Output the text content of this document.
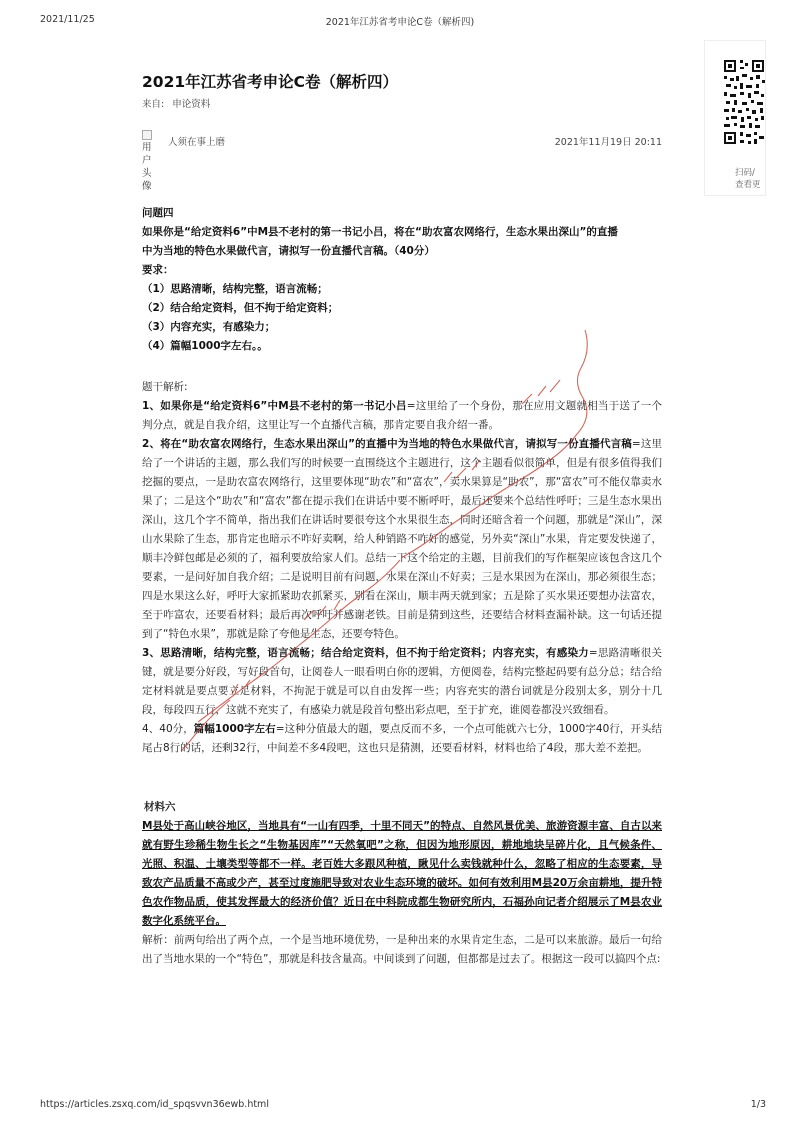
2021/11/25	2021年江苏省考申论C卷（解析四)
扫码/
查看更
2021年江苏省考申论C卷（解析四）
来自: 申论资料
用
户
头
像
人须在事上磨	2021年11月19日 20:11

问题四

如果你是“给定资料6”中M县不老村的第一书记小吕，将在“助农富农网络行，生态水果出深山”的直播

中为当地的特色水果做代言，请拟写一份直播代言稿。（40分）

要求：

（1）思路清晰，结构完整，语言流畅；

（2）结合给定资料，但不拘于给定资料；

（3）内容充实，有感染力；

（4）篇幅1000字左右。。

题干解析:

1、如果你是“给定资料6”中M县不老村的第一书记小吕=这里给了一个身份，那在应用文题就相当于送了一个判分点，就是自我介绍，这里让写一个直播代言稿，那肯定要自我介绍一番。

2、将在“助农富农网络行，生态水果出深山”的直播中为当地的特色水果做代言，请拟写一份直播代言稿=这里给了一个讲话的主题，那么我们写的时候要一直围绕这个主题进行，这个主题看似很简单，但是有很多值得我们挖掘的要点，一是助农富农网络行，这里要体现“助农”和“富农”，卖水果算是“助农”，那“富农”可不能仅靠卖水果了；二是这个“助农”和“富农”都在提示我们在讲话中要不断呼吁，最后还要来个总结性呼吁；三是生态水果出深山，这几个字不简单，指出我们在讲话时要很夸这个水果很生态，同时还暗含着一个问题，那就是“深山”，深山水果除了生态，那肯定也暗示不咋好卖啊，给人种销路不咋好的感觉，另外卖“深山”水果，肯定要发快递了，顺丰冷鲜包邮是必须的了，福利要放给家人们。总结一下这个给定的主题，目前我们的写作框架应该包含这几个要素，一是问好加自我介绍；二是说明目前有问题，水果在深山不好卖；三是水果因为在深山，那必须很生态；四是水果这么好，呼吁大家抓紧助农抓紧买，别看在深山，顺丰两天就到家；五是除了买水果还要想办法富农，至于咋富农，还要看材料；最后再次呼吁并感谢老铁。目前是猜到这些，还要结合材料查漏补缺。这一句话还提到了“特色水果”，那就是除了夸他是生态，还要夸特色。

3、思路清晰，结构完整，语言流畅；结合给定资料，但不拘于给定资料；内容充实，有感染力=思路清晰很关键，就是要分好段，写好段首句，让阅卷人一眼看明白你的逻辑，方便阅卷，结构完整起码要有总分总；结合给定材料就是要点要立足材料，不拘泥于就是可以自由发挥一些；内容充实的潜台词就是分段别太多，别分十几段，每段四五行，这就不充实了，有感染力就是段首句整出彩点吧，至于扩充，谁阅卷都没兴致细看。

4、40分，篇幅1000字左右=这种分值最大的题，要点反而不多，一个点可能就六七分，1000字40行，开头结尾占8行的话，还剩32行，中间差不多4段吧，这也只是猜测，还要看材料，材料也给了4段，那大差不差把。

材料六

M县处于高山峡谷地区，当地具有“一山有四季，十里不同天”的特点、自然风景优美、旅游资源丰富、自古以来就有野生珍稀生物生长之“生物基因库”“天然氧吧”之称，但因为地形原因，耕地地块呈碎片化，且气候条件、光照、积温、土壤类型等都不一样。老百姓大多跟风种植，瞅见什么卖钱就种什么，忽略了相应的生态要素，导致农产品质量不高或少产，甚至过度施肥导致对农业生态环境的破坏。如何有效利用M县20万余亩耕地，提升特色农作物品质，使其发挥最大的经济价值？近日在中科院成都生物研究所内，石福孙向记者介绍展示了M县农业数字化系统平台。

解析：前两句给出了两个点，一个是当地环境优势，一是种出来的水果肯定生态，二是可以来旅游。最后一句给出了当地水果的一个“特色”，那就是科技含量高。中间谈到了问题，但都都是过去了。根据这一段可以搞四个点:

https://articles.zsxq.com/id_spqsvvn36ewb.html	1/3
